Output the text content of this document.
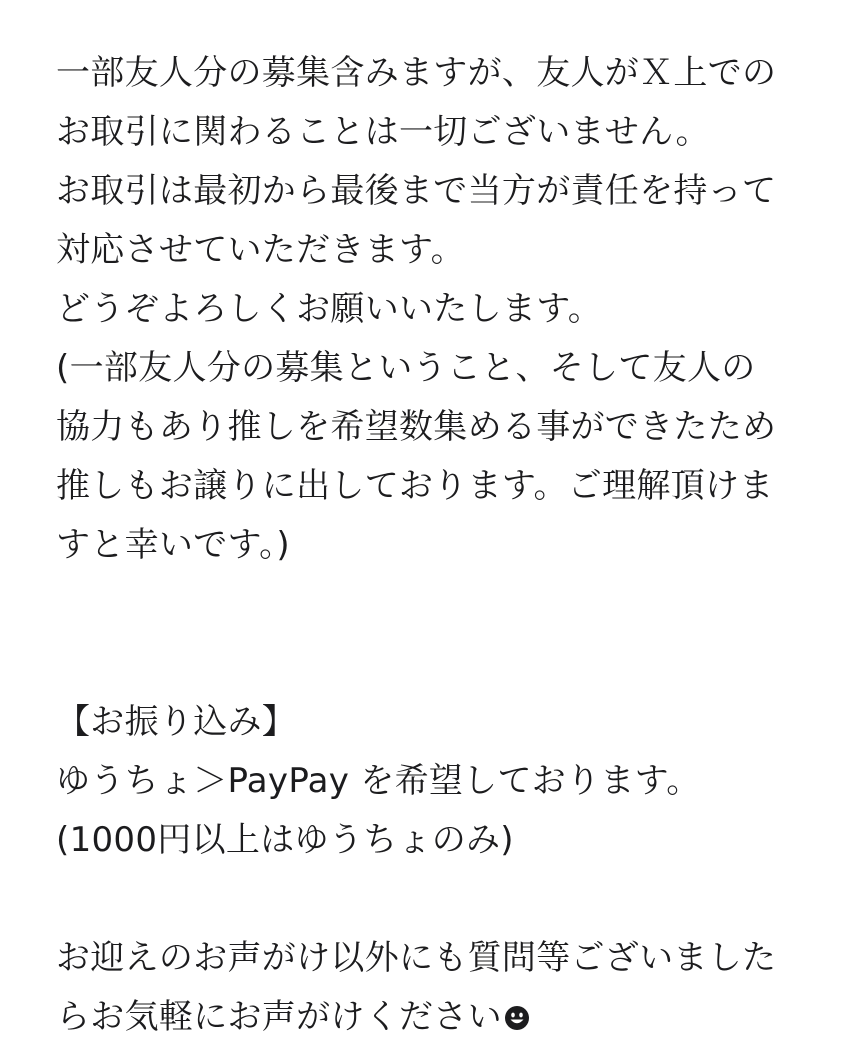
一部友人分の募集含みますが、友人がＸ上での
お取引に関わることは一切ございません。
お取引は最初から最後まで当方が責任を持って
対応させていただきます。
どうぞよろしくお願いいたします。
(一部友人分の募集ということ、そして友人の
協力もあり推しを希望数集める事ができたため
推しもお譲りに出しております。ご理解頂けま
すと幸いです。)
【お振り込み】
ゆうちょ＞PayPay を希望しております。
(1000円以上はゆうちょのみ)
お迎えのお声がけ以外にも質問等ございました
らお気軽にお声がけください
